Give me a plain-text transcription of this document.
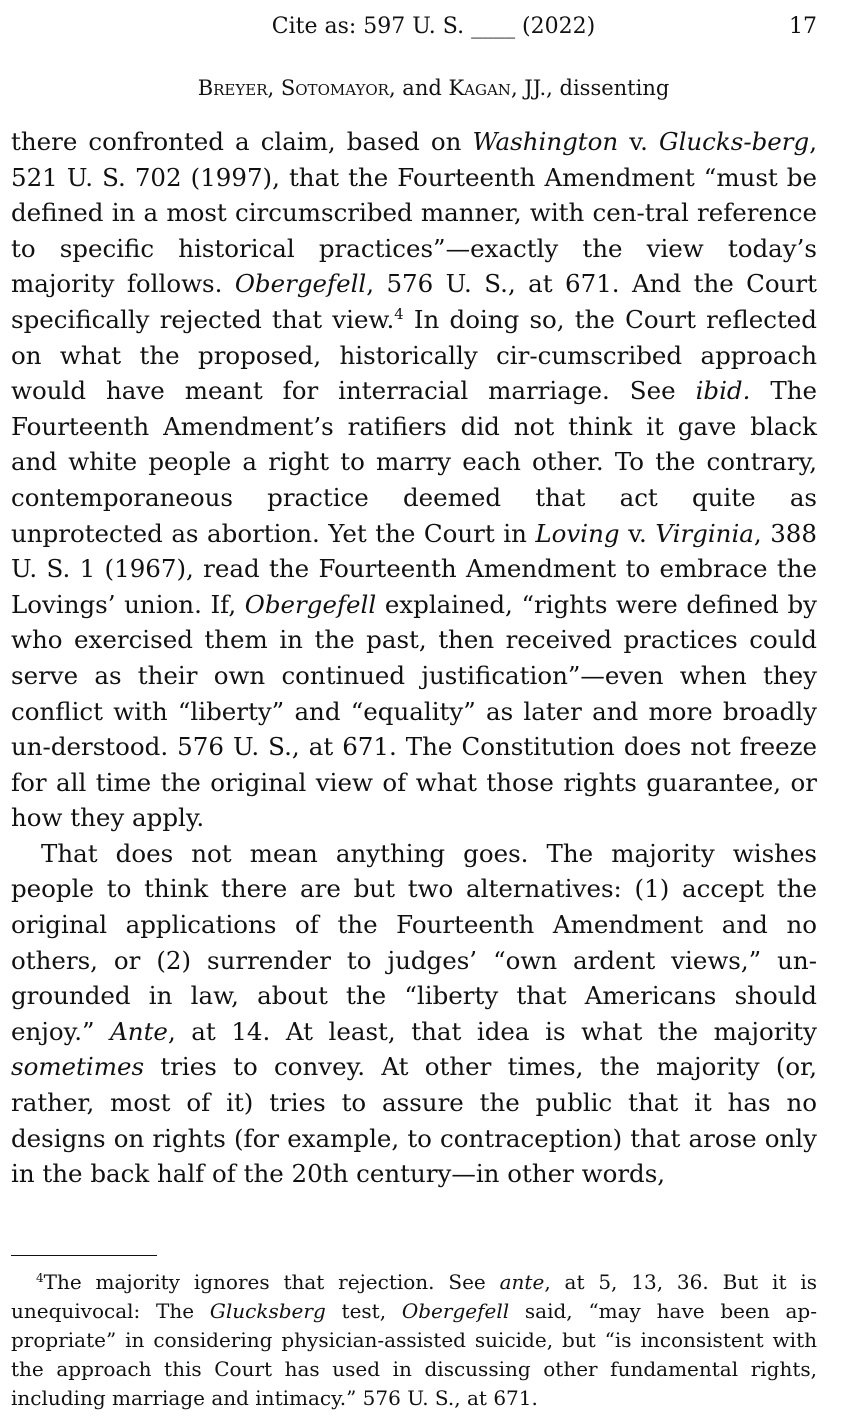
Cite as: 597 U. S. ____ (2022)	17
Breyer, Sotomayor, and Kagan, JJ., dissenting

there confronted a claim, based on Washington v. Glucks-berg, 521 U. S. 702 (1997), that the Fourteenth Amendment “must be defined in a most circumscribed manner, with cen-tral reference to specific historical practices”—exactly the view today’s majority follows. Obergefell, 576 U. S., at 671. And the Court specifically rejected that view.$^4$ In doing so, the Court reflected on what the proposed, historically cir-cumscribed approach would have meant for interracial marriage. See ibid. The Fourteenth Amendment’s ratifiers did not think it gave black and white people a right to marry each other. To the contrary, contemporaneous practice deemed that act quite as unprotected as abortion. Yet the Court in Loving v. Virginia, 388 U. S. 1 (1967), read the Fourteenth Amendment to embrace the Lovings’ union. If, Obergefell explained, “rights were defined by who exercised them in the past, then received practices could serve as their own continued justification”—even when they conflict with “liberty” and “equality” as later and more broadly un-derstood. 576 U. S., at 671. The Constitution does not freeze for all time the original view of what those rights guarantee, or how they apply.

That does not mean anything goes. The majority wishes people to think there are but two alternatives: (1) accept the original applications of the Fourteenth Amendment and no others, or (2) surrender to judges’ “own ardent views,” un-grounded in law, about the “liberty that Americans should enjoy.” Ante, at 14. At least, that idea is what the majority sometimes tries to convey. At other times, the majority (or, rather, most of it) tries to assure the public that it has no designs on rights (for example, to contraception) that arose only in the back half of the 20th century—in other words,

$^4$The majority ignores that rejection. See ante, at 5, 13, 36. But it is unequivocal: The Glucksberg test, Obergefell said, “may have been ap-propriate” in considering physician-assisted suicide, but “is inconsistent with the approach this Court has used in discussing other fundamental rights, including marriage and intimacy.” 576 U. S., at 671.
